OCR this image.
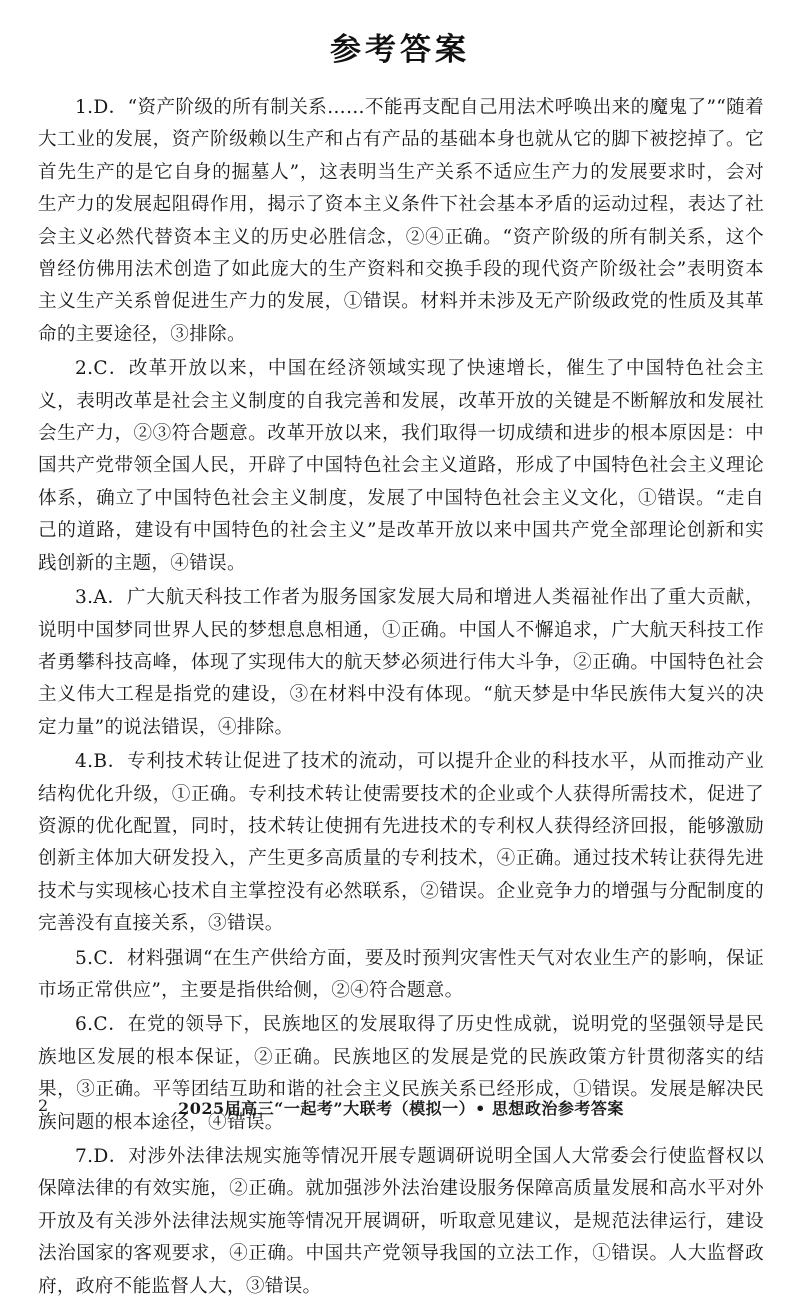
参考答案

1.D．“资产阶级的所有制关系……不能再支配自己用法术呼唤出来的魔鬼了”“随着大工业的发展，资产阶级赖以生产和占有产品的基础本身也就从它的脚下被挖掉了。它首先生产的是它自身的掘墓人”，这表明当生产关系不适应生产力的发展要求时，会对生产力的发展起阻碍作用，揭示了资本主义条件下社会基本矛盾的运动过程，表达了社会主义必然代替资本主义的历史必胜信念，②④正确。“资产阶级的所有制关系，这个曾经仿佛用法术创造了如此庞大的生产资料和交换手段的现代资产阶级社会”表明资本主义生产关系曾促进生产力的发展，①错误。材料并未涉及无产阶级政党的性质及其革命的主要途径，③排除。

2.C．改革开放以来，中国在经济领域实现了快速增长，催生了中国特色社会主义，表明改革是社会主义制度的自我完善和发展，改革开放的关键是不断解放和发展社会生产力，②③符合题意。改革开放以来，我们取得一切成绩和进步的根本原因是：中国共产党带领全国人民，开辟了中国特色社会主义道路，形成了中国特色社会主义理论体系，确立了中国特色社会主义制度，发展了中国特色社会主义文化，①错误。“走自己的道路，建设有中国特色的社会主义”是改革开放以来中国共产党全部理论创新和实践创新的主题，④错误。

3.A．广大航天科技工作者为服务国家发展大局和增进人类福祉作出了重大贡献，说明中国梦同世界人民的梦想息息相通，①正确。中国人不懈追求，广大航天科技工作者勇攀科技高峰，体现了实现伟大的航天梦必须进行伟大斗争，②正确。中国特色社会主义伟大工程是指党的建设，③在材料中没有体现。“航天梦是中华民族伟大复兴的决定力量”的说法错误，④排除。

4.B．专利技术转让促进了技术的流动，可以提升企业的科技水平，从而推动产业结构优化升级，①正确。专利技术转让使需要技术的企业或个人获得所需技术，促进了资源的优化配置，同时，技术转让使拥有先进技术的专利权人获得经济回报，能够激励创新主体加大研发投入，产生更多高质量的专利技术，④正确。通过技术转让获得先进技术与实现核心技术自主掌控没有必然联系，②错误。企业竞争力的增强与分配制度的完善没有直接关系，③错误。

5.C．材料强调“在生产供给方面，要及时预判灾害性天气对农业生产的影响，保证市场正常供应”，主要是指供给侧，②④符合题意。

6.C．在党的领导下，民族地区的发展取得了历史性成就，说明党的坚强领导是民族地区发展的根本保证，②正确。民族地区的发展是党的民族政策方针贯彻落实的结果，③正确。平等团结互助和谐的社会主义民族关系已经形成，①错误。发展是解决民族问题的根本途径，④错误。

7.D．对涉外法律法规实施等情况开展专题调研说明全国人大常委会行使监督权以保障法律的有效实施，②正确。就加强涉外法治建设服务保障高质量发展和高水平对外开放及有关涉外法律法规实施等情况开展调研，听取意见建议，是规范法律运行，建设法治国家的客观要求，④正确。中国共产党领导我国的立法工作，①错误。人大监督政府，政府不能监督人大，③错误。

2	2025届高三“一起考”大联考（模拟一）• 思想政治参考答案
